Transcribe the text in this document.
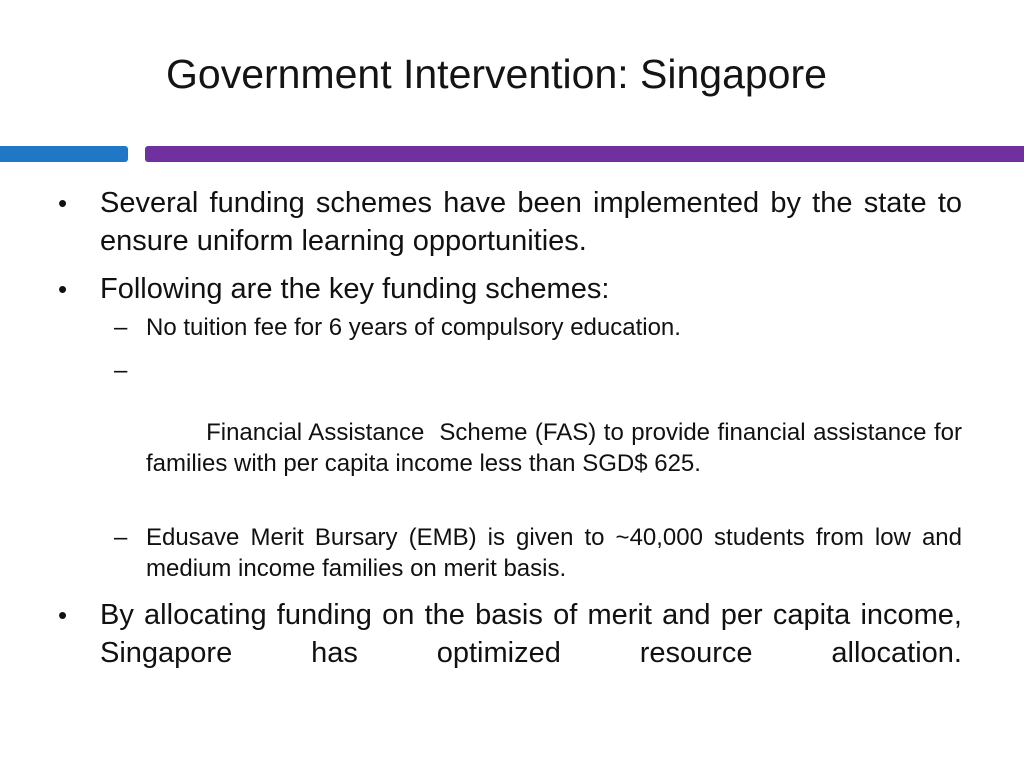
Government Intervention: Singapore
•	Several funding schemes have been implemented by the state to ensure uniform learning opportunities.
•	Following are the key funding schemes:
– No tuition fee for 6 years of compulsory education.

–

Financial Assistance  Scheme (FAS) to provide financial assistance for families with per capita income less than SGD$ 625.

– Edusave Merit Bursary (EMB) is given to ~40,000 students from low and medium income families on merit basis.
•	By allocating funding on the basis of merit and per capita income, Singapore has optimized resource allocation.
